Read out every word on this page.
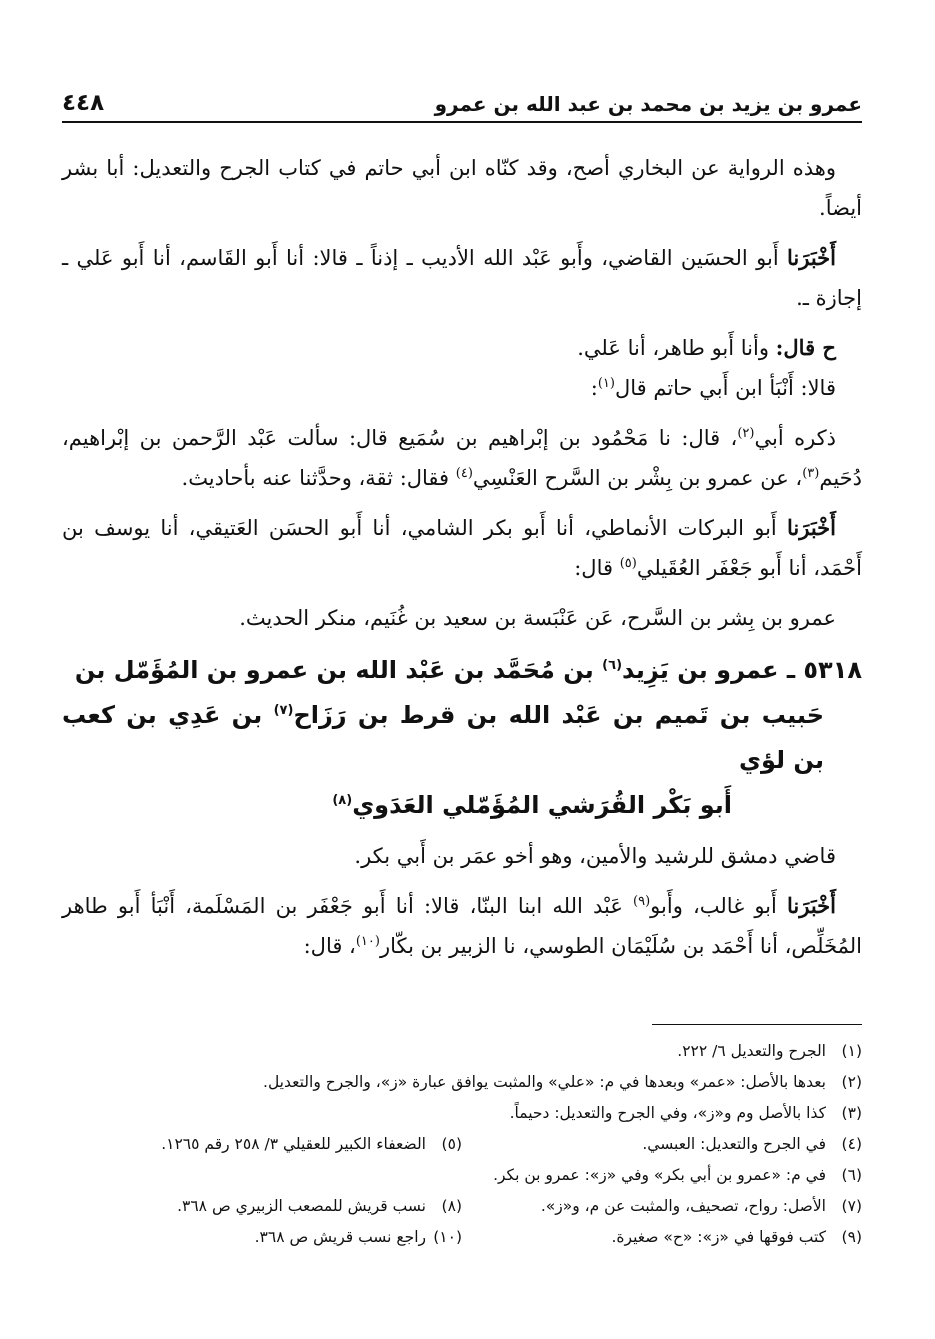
عمرو بن يزيد بن محمد بن عبد الله بن عمرو
٤٤٨

وهذه الرواية عن البخاري أصح، وقد كنّاه ابن أبي حاتم في كتاب الجرح والتعديل: أبا بشر أيضاً.

أَخْبَرَنا أَبو الحسَين القاضي، وأَبو عَبْد الله الأديب ـ إذناً ـ قالا: أنا أَبو القَاسم، أنا أَبو عَلي ـ إجازة ـ.

ح قال: وأنا أَبو طاهر، أنا عَلي.

قالا: أَنْبَأ ابن أَبي حاتم قال$^{(١)}$:

ذكره أبي$^{(٢)}$، قال: نا مَحْمُود بن إبْراهيم بن سُمَيع قال: سألت عَبْد الرَّحمن بن إبْراهيم، دُحَيم$^{(٣)}$، عن عمرو بن بِشْر بن السَّرح العَنْسِي$^{(٤)}$ فقال: ثقة، وحدَّثنا عنه بأحاديث.

أَخْبَرَنا أَبو البركات الأنماطي، أنا أَبو بكر الشامي، أنا أَبو الحسَن العَتيقي، أنا يوسف بن أَحْمَد، أنا أَبو جَعْفَر العُقَيلي$^{(٥)}$ قال:

عمرو بن بِشر بن السَّرح، عَن عَنْبَسة بن سعيد بن غُنَيم، منكر الحديث.

٥٣١٨ ـ عمرو بن يَزِيد$^{(٦)}$ بن مُحَمَّد بن عَبْد الله بن عمرو بن المُؤَمّل بن
حَبيب بن تَميم بن عَبْد الله بن قرط بن رَزَاح$^{(٧)}$ بن عَدِي بن كعب بن لؤي
أَبو بَكْر القُرَشي المُؤَمّلي العَدَوي$^{(٨)}$

قاضي دمشق للرشيد والأمين، وهو أخو عمَر بن أَبي بكر.

أَخْبَرَنا أَبو غالب، وأَبو$^{(٩)}$ عَبْد الله ابنا البنّا، قالا: أنا أَبو جَعْفَر بن المَسْلَمة، أَنْبَأ أَبو طاهر المُخَلِّص، أنا أَحْمَد بن سُلَيْمَان الطوسي، نا الزبير بن بكّار$^{(١٠)}$، قال:

(١)
الجرح والتعديل ٦/ ٢٢٢.
(٢)
بعدها بالأصل: «عمر» وبعدها في م: «علي» والمثبت يوافق عبارة «ز»، والجرح والتعديل.
(٣)
كذا بالأصل وم و«ز»، وفي الجرح والتعديل: دحيماً.
(٤)
في الجرح والتعديل: العبسي.
(٥)
الضعفاء الكبير للعقيلي ٣/ ٢٥٨ رقم ١٢٦٥.
(٦)
في م: «عمرو بن أبي بكر» وفي «ز»: عمرو بن بكر.
(٧)
الأصل: رواح، تصحيف، والمثبت عن م، و«ز».
(٨)
نسب قريش للمصعب الزبيري ص ٣٦٨.
(٩)
كتب فوقها في «ز»: «ح» صغيرة.
(١٠)
راجع نسب قريش ص ٣٦٨.
